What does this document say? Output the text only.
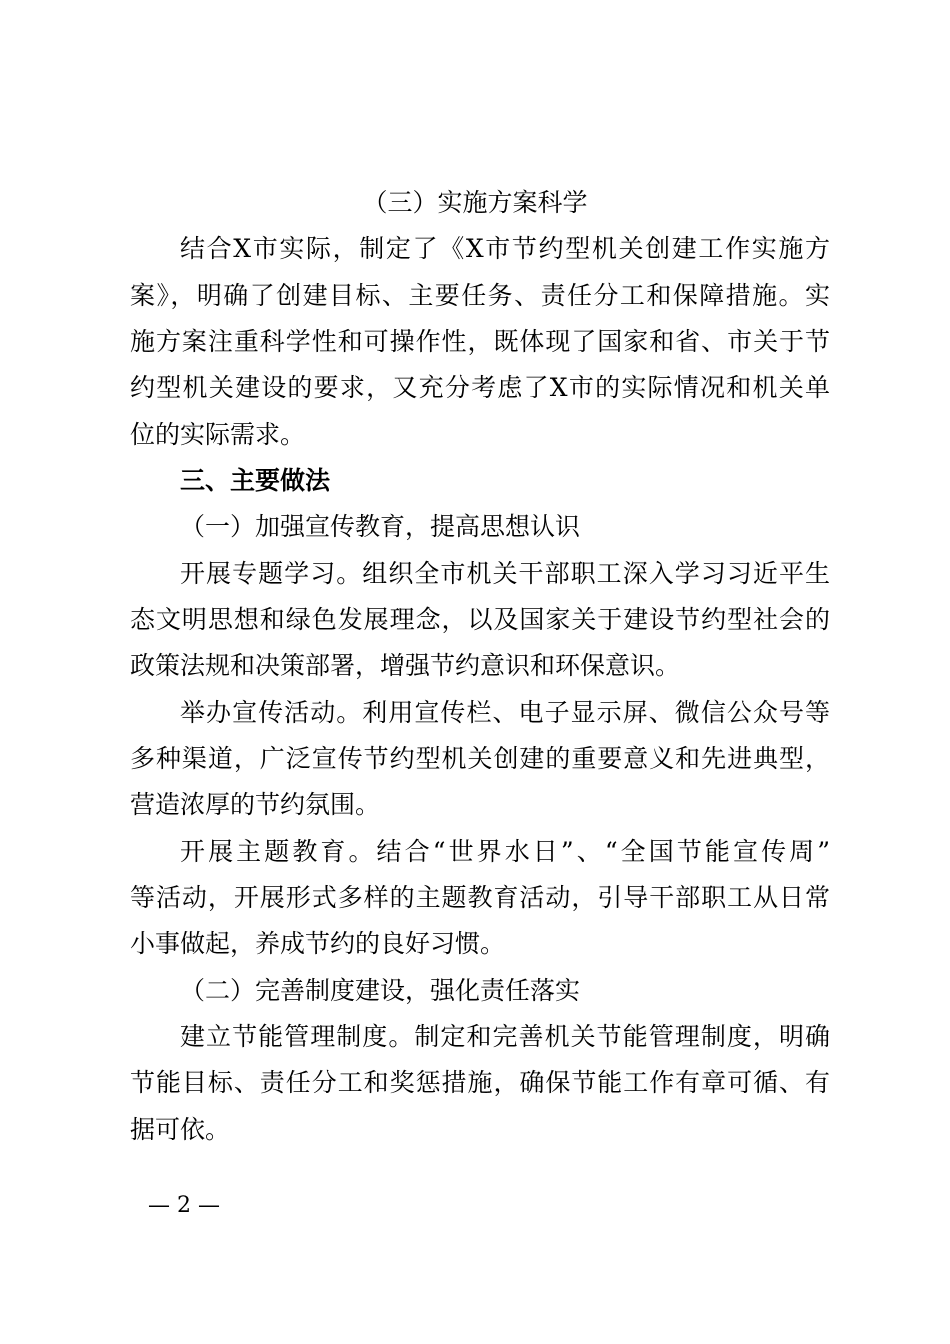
（三）实施方案科学
结合X市实际，制定了《X市节约型机关创建工作实施方
案》，明确了创建目标、主要任务、责任分工和保障措施。实
施方案注重科学性和可操作性，既体现了国家和省、市关于节
约型机关建设的要求，又充分考虑了X市的实际情况和机关单
位的实际需求。
三、主要做法
（一）加强宣传教育，提高思想认识
开展专题学习。组织全市机关干部职工深入学习习近平生
态文明思想和绿色发展理念，以及国家关于建设节约型社会的
政策法规和决策部署，增强节约意识和环保意识。
举办宣传活动。利用宣传栏、电子显示屏、微信公众号等
多种渠道，广泛宣传节约型机关创建的重要意义和先进典型，
营造浓厚的节约氛围。
开展主题教育。结合“世界水日”、“全国节能宣传周”
等活动，开展形式多样的主题教育活动，引导干部职工从日常
小事做起，养成节约的良好习惯。
（二）完善制度建设，强化责任落实
建立节能管理制度。制定和完善机关节能管理制度，明确
节能目标、责任分工和奖惩措施，确保节能工作有章可循、有
据可依。
— 2 —
